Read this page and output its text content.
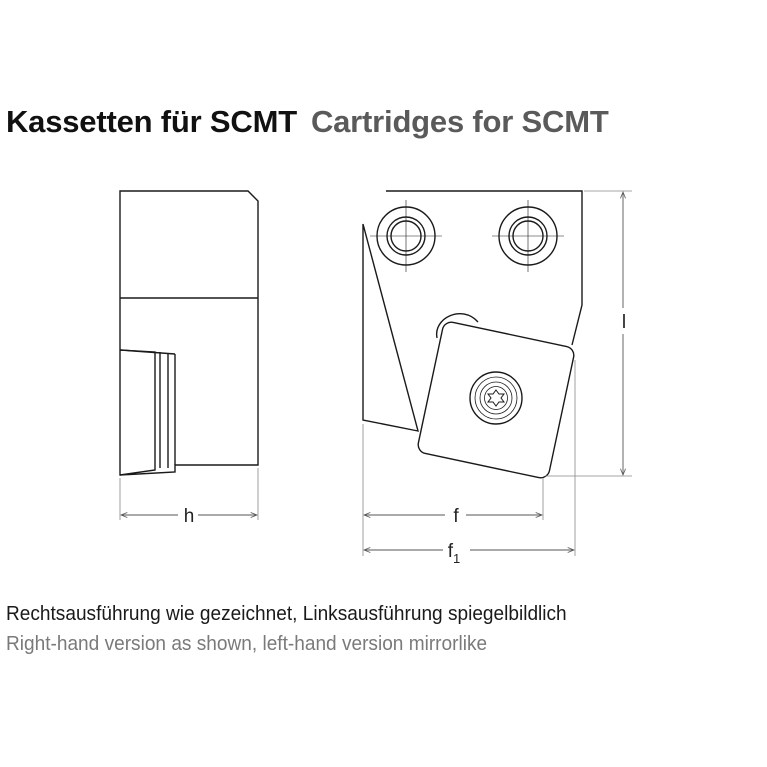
Kassetten für SCMT Cartridges for SCMT
h	f
$f_1$
l
Rechtsausführung wie gezeichnet, Linksausführung spiegelbildlich
Right-hand version as shown, left-hand version mirrorlike
